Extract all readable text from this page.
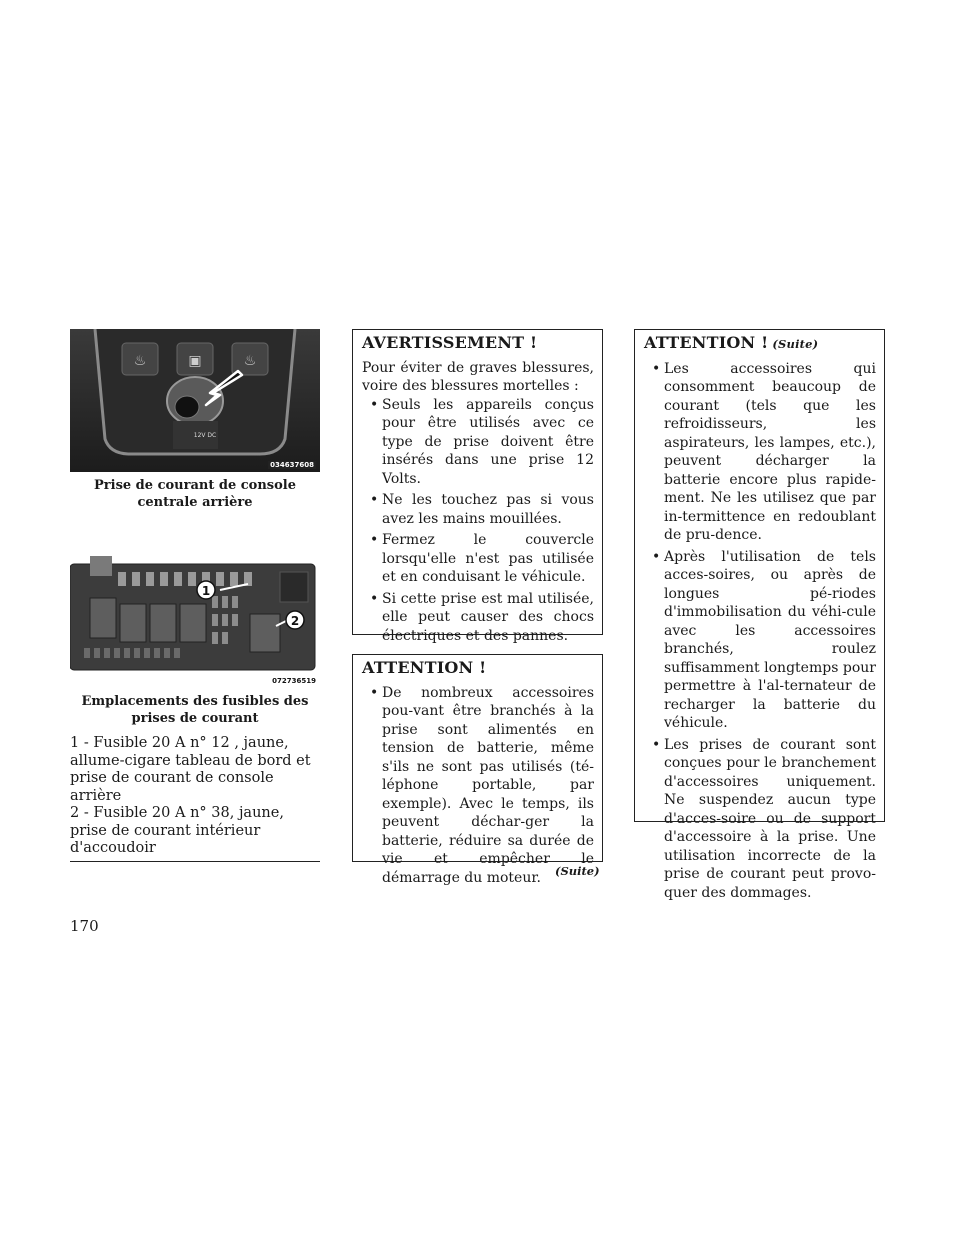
♨	▣	♨
12V DC
034637608
Prise de courant de console centrale arrière
1
2
072736519
Emplacements des fusibles des prises de courant

1 - Fusible 20 A n° 12 , jaune, allume-cigare tableau de bord et prise de courant de console arrière

2 - Fusible 20 A n° 38, jaune, prise de courant intérieur d'accoudoir

AVERTISSEMENT !

Pour éviter de graves blessures, voire des blessures mortelles :

• Seuls les appareils conçus pour être utilisés avec ce type de prise doivent être insérés dans une prise 12 Volts.
• Ne les touchez pas si vous avez les mains mouillées.
• Fermez le couvercle lorsqu'elle n'est pas utilisée et en conduisant le véhicule.
• Si cette prise est mal utilisée, elle peut causer des chocs électriques et des pannes.
ATTENTION !
• De nombreux accessoires pou-vant être branchés à la prise sont alimentés en tension de batterie, même s'ils ne sont pas utilisés (té-léphone portable, par exemple). Avec le temps, ils peuvent déchar-ger la batterie, réduire sa durée de vie et empêcher le démarrage du moteur.	(Suite)
ATTENTION ! (Suite)
• Les accessoires qui consomment beaucoup de courant (tels que les refroidisseurs, les aspirateurs, les lampes, etc.), peuvent décharger la batterie encore plus rapide-ment. Ne les utilisez que par in-termittence en redoublant de pru-dence.
• Après l'utilisation de tels acces-soires, ou après de longues pé-riodes d'immobilisation du véhi-cule avec les accessoires branchés, roulez suffisamment longtemps pour permettre à l'al-ternateur de recharger la batterie du véhicule.
• Les prises de courant sont conçues pour le branchement d'accessoires uniquement. Ne suspendez aucun type d'acces-soire ou de support d'accessoire à la prise. Une utilisation incorrecte de la prise de courant peut provo-quer des dommages.
170
